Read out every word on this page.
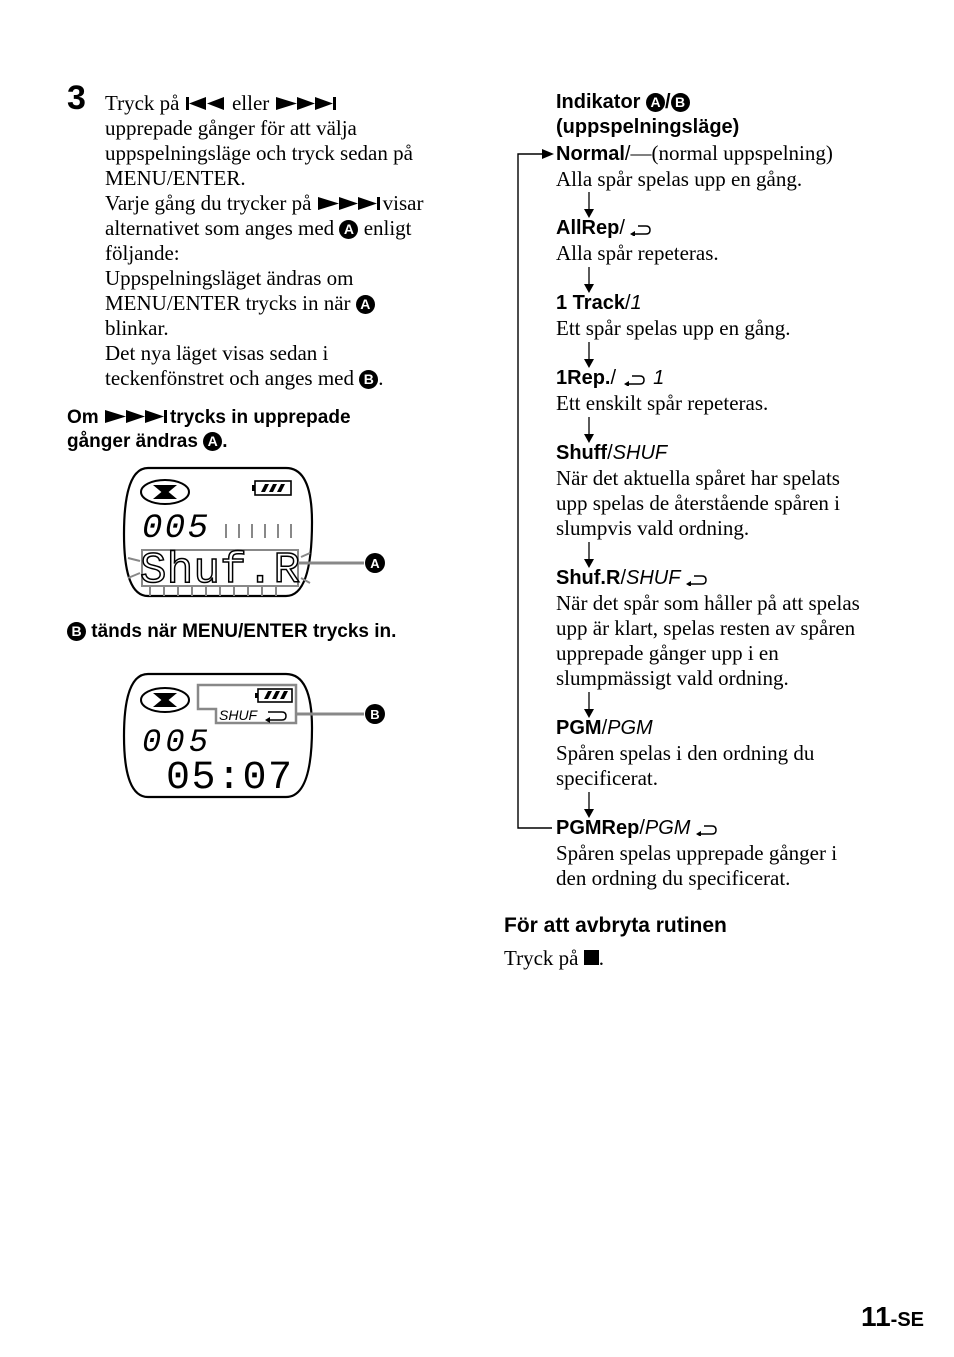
3 Tryck på	eller

upprepade gånger för att välja

uppspelningsläge och tryck sedan på

MENU/ENTER.

Varje gång du trycker på	visar

alternativet som anges med A enligt

följande:

Uppspelningsläget ändras om

MENU/ENTER trycks in när A

blinkar.

Det nya läget visas sedan i

teckenfönstret och anges med B .

Om	trycks in upprepade
gånger ändras A .
005
Shuf.R	A
B tänds när MENU/ENTER trycks in.
SHUF	B
005
05:07
Indikator A / B
(uppspelningsläge)
Normal/—(normal uppspelning)
Alla spår spelas upp en gång.
AllRep/
Alla spår repeteras.
1 Track/1
Ett spår spelas upp en gång.
1Rep./ 1
Ett enskilt spår repeteras.
Shuff/SHUF
När det aktuella spåret har spelats
upp spelas de återstående spåren i
slumpvis vald ordning.
Shuf.R/SHUF
När det spår som håller på att spelas
upp är klart, spelas resten av spåren
upprepade gånger upp i en
slumpmässigt vald ordning.
PGM/PGM
Spåren spelas i den ordning du
specificerat.
PGMRep/PGM
Spåren spelas upprepade gånger i
den ordning du specificerat.
För att avbryta rutinen
Tryck på .
11-SE
